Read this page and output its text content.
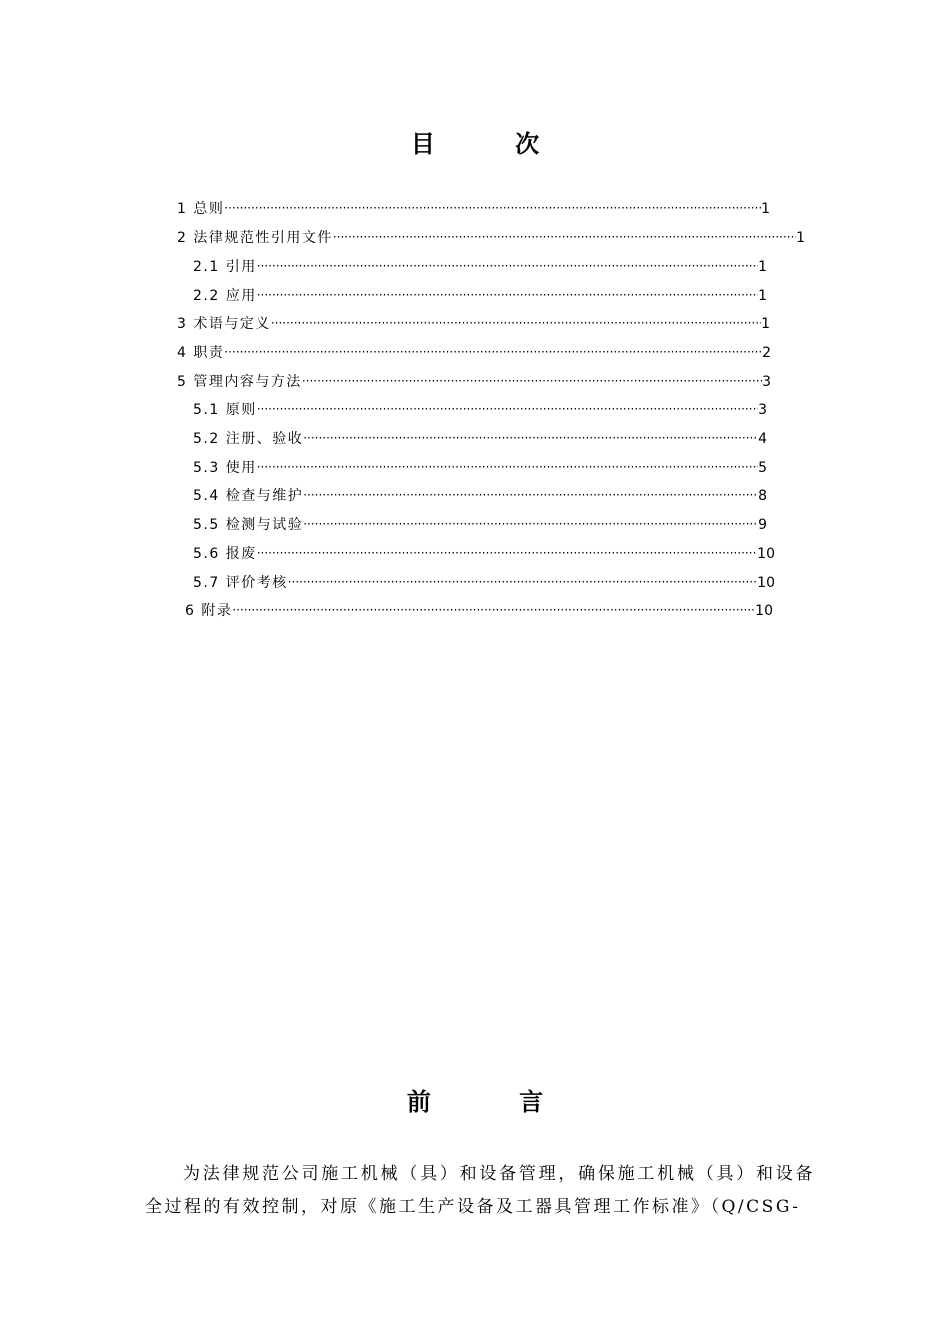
目 次
1 总则 ·····	1
2 法律规范性引用文件 ·····	1
2.1 引用 ·····	1
2.2 应用 ·····	1
3 术语与定义 ·····	1
4 职责 ·····	2
5 管理内容与方法 ·····	3
5.1 原则 ·····	3
5.2 注册、验收 ·····	4
5.3 使用 ·····	5
5.4 检查与维护 ·····	8
5.5 检测与试验 ·····	9
5.6 报废 ·····	10
5.7 评价考核 ·····	10
6 附录 ·····	10
前 言
为法律规范公司施工机械（具）和设备管理，确保施工机械（具）和设备全过程的有效控制，对原《施工生产设备及工器具管理工作标准》（Q/CSG-
